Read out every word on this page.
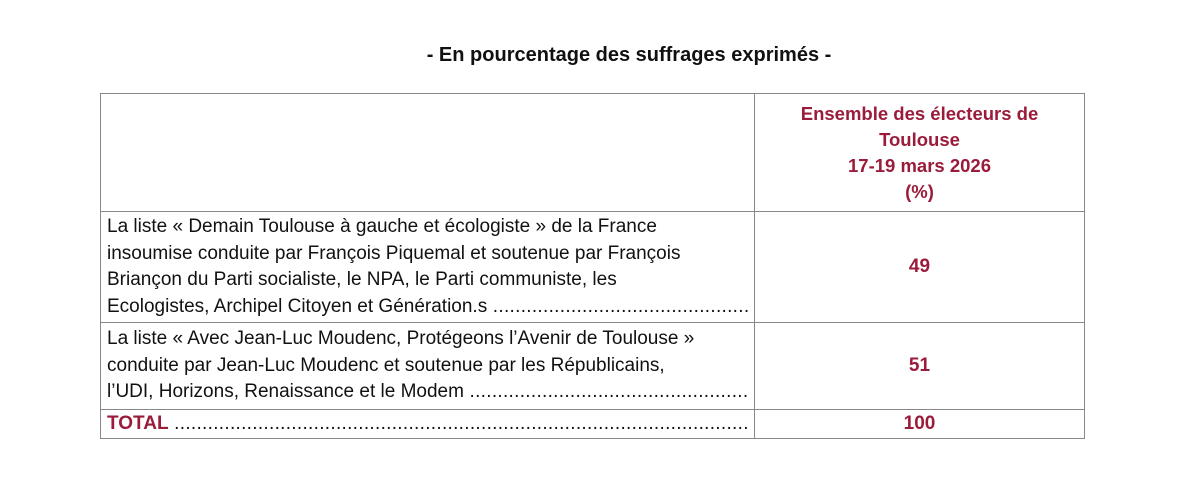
- En pourcentage des suffrages exprimés -

	Ensemble des électeurs de
Toulouse
17-19 mars 2026
(%)

La liste « Demain Toulouse à gauche et écologiste » de la France
insoumise conduite par François Piquemal et soutenue par François
Briançon du Parti socialiste, le NPA, le Parti communiste, les
Ecologistes, Archipel Citoyen et Génération.s .....	49

La liste « Avec Jean-Luc Moudenc, Protégeons l’Avenir de Toulouse »
conduite par Jean-Luc Moudenc et soutenue par les Républicains,
l’UDI, Horizons, Renaissance et le Modem .....	51

TOTAL .....	100
